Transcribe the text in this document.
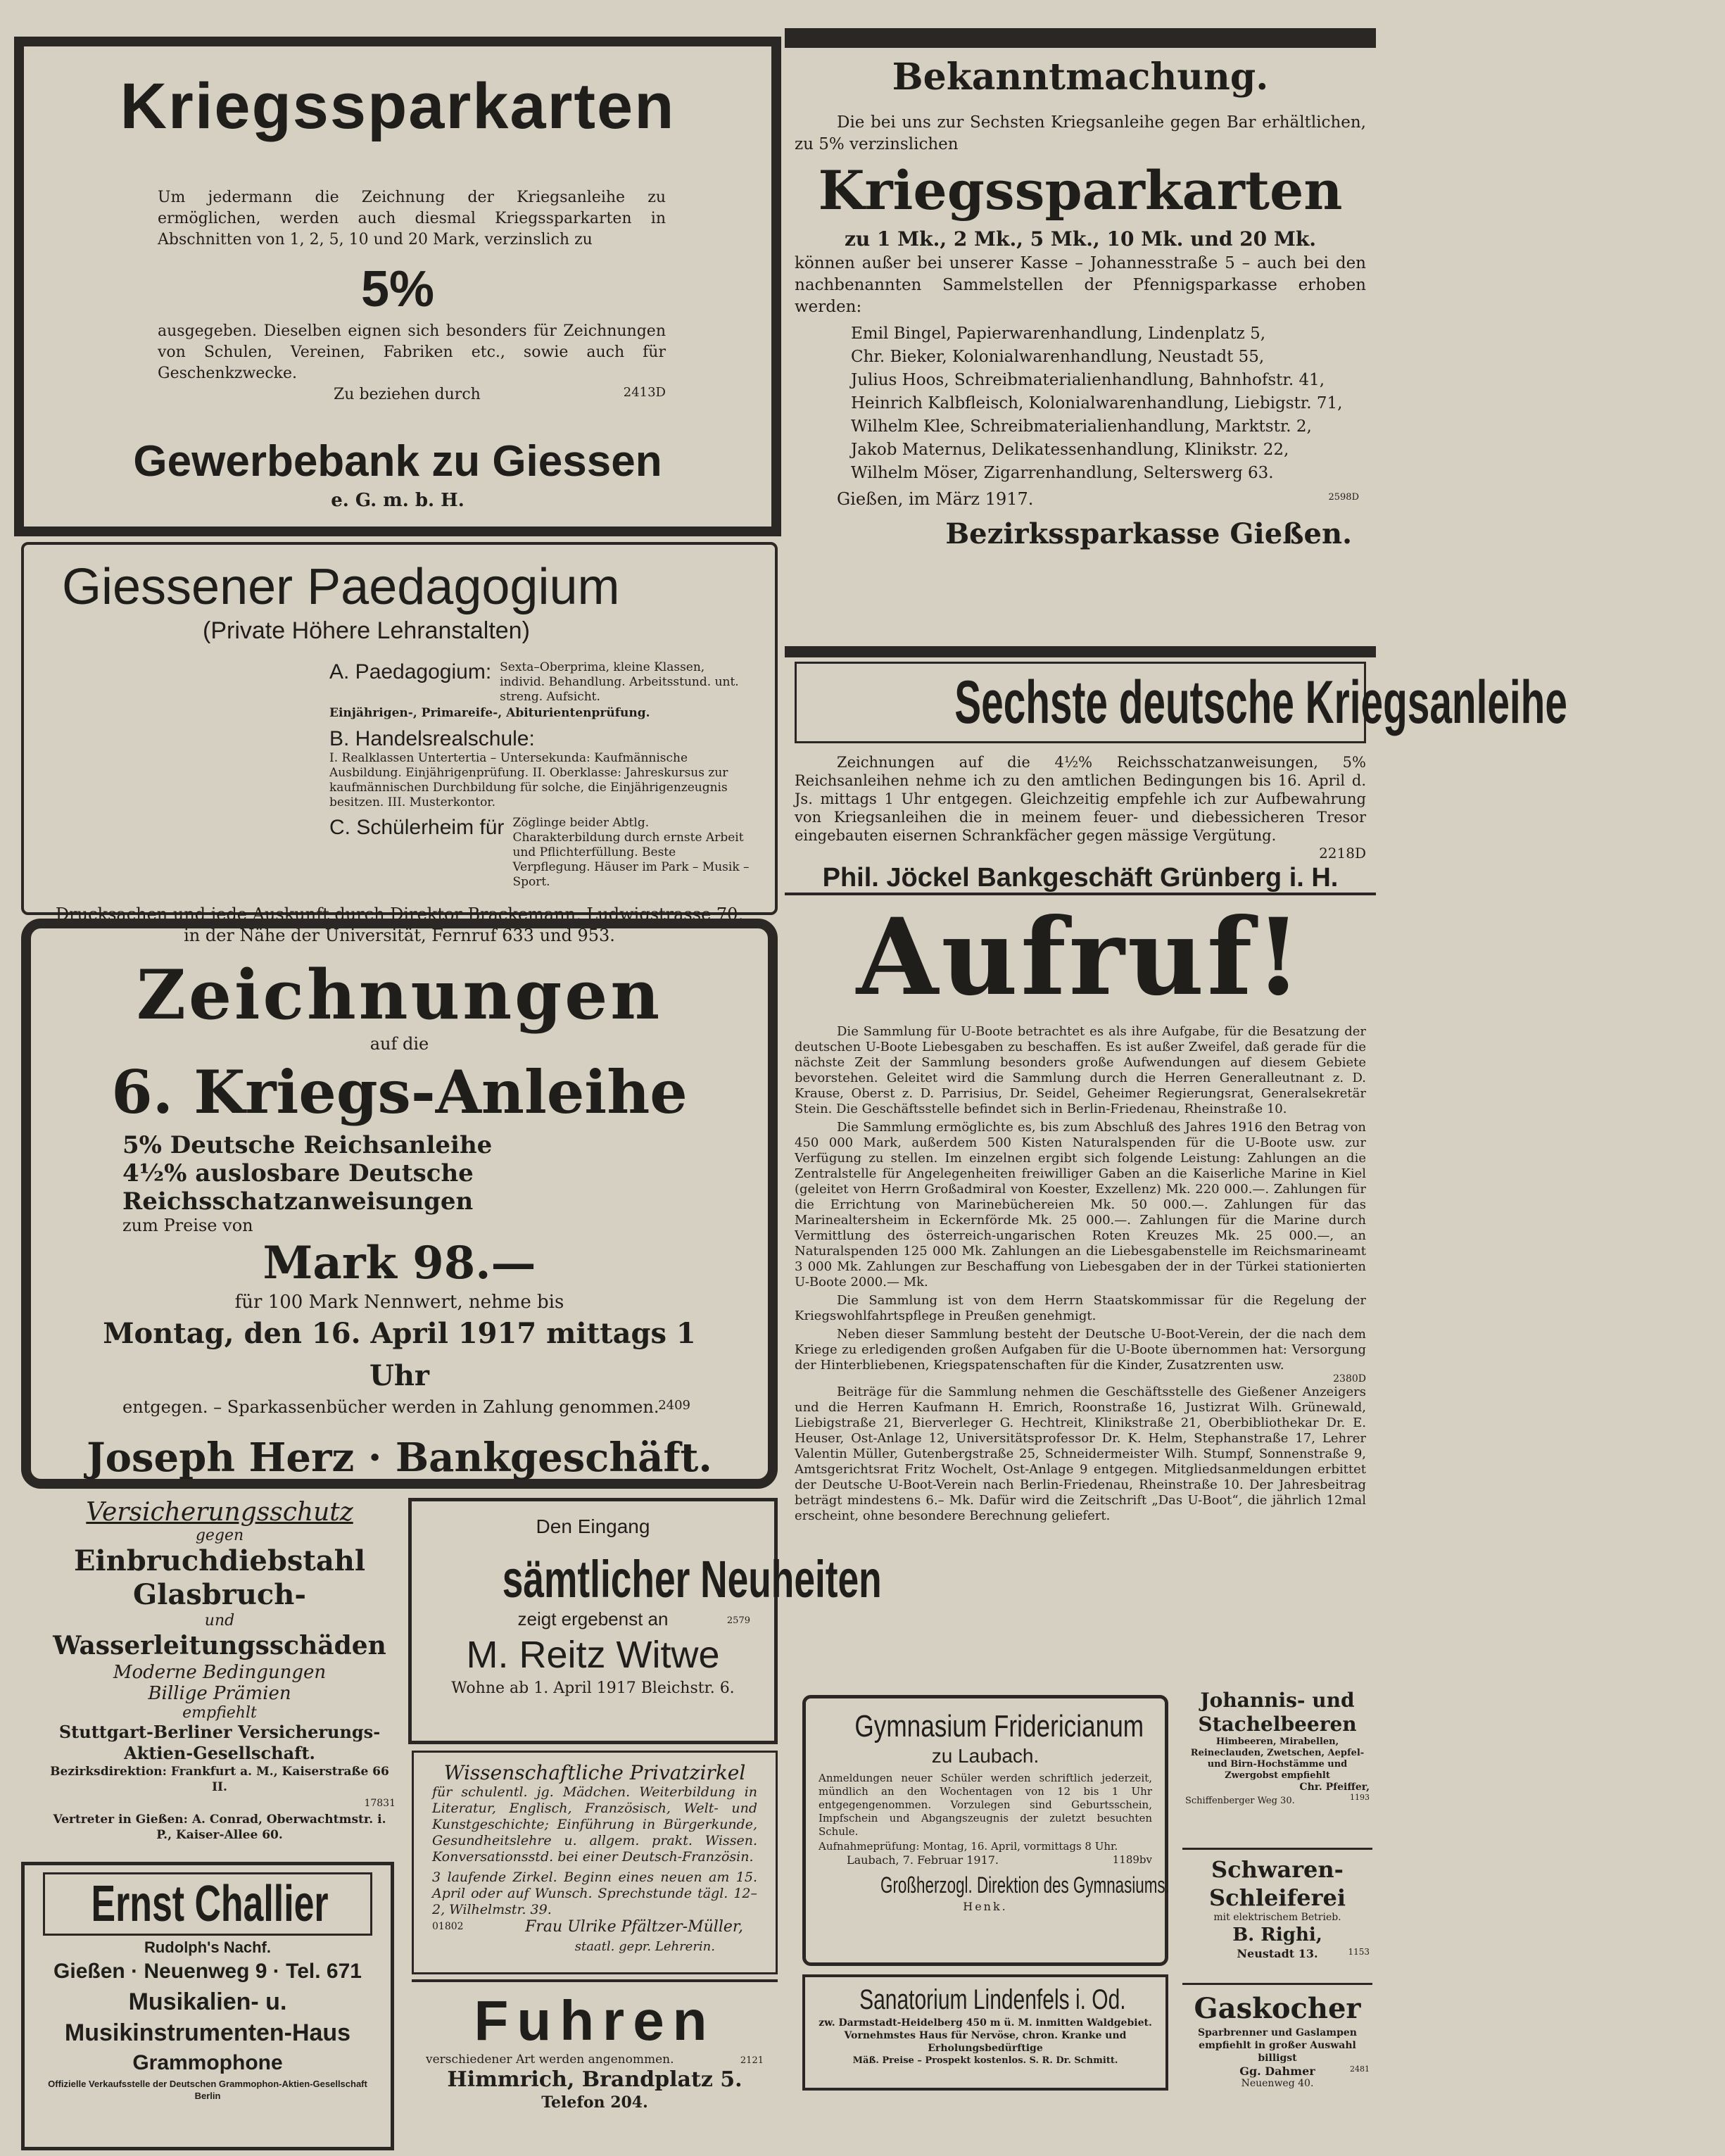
Kriegssparkarten

Um jedermann die Zeichnung der Kriegsanleihe zu ermöglichen, werden auch diesmal Kriegssparkarten in Abschnitten von 1, 2, 5, 10 und 20 Mark, verzinslich zu

5%

ausgegeben. Dieselben eignen sich besonders für Zeichnungen von Schulen, Vereinen, Fabriken etc., sowie auch für Geschenkzwecke.

Zu beziehen durch	2413D
Gewerbebank zu Giessen
e. G. m. b. H.
Giessener Paedagogium
(Private Höhere Lehranstalten)
A. Paedagogium: Sexta–Oberprima, kleine Klassen, individ. Behandlung. Arbeitsstund. unt. streng. Aufsicht.
Einjährigen-, Primareife-, Abiturientenprüfung.
B. Handelsrealschule:
I. Realklassen Untertertia – Untersekunda: Kaufmännische Ausbildung. Einjährigenprüfung. II. Oberklasse: Jahreskursus zur kaufmännischen Durchbildung für solche, die Einjährigenzeugnis besitzen. III. Musterkontor.
C. Schülerheim für Zöglinge beider Abtlg. Charakterbildung durch ernste Arbeit und Pflichterfüllung. Beste Verpflegung. Häuser im Park – Musik – Sport.

Drucksachen und jede Auskunft durch Direktor Brackemann, Ludwigstrasse 70, in der Nähe der Universität, Fernruf 633 und 953.

Zeichnungen
auf die
6. Kriegs-Anleihe

5% Deutsche Reichsanleihe

4½% auslosbare Deutsche Reichsschatzanweisungen

zum Preise von

Mark 98.—
für 100 Mark Nennwert, nehme bis
Montag, den 16. April 1917 mittags 1 Uhr
entgegen. – Sparkassenbücher werden in Zahlung genommen.
2409
Joseph Herz · Bankgeschäft.
Versicherungsschutz
gegen
Einbruchdiebstahl
Glasbruch-
und
Wasserleitungsschäden
Moderne Bedingungen
Billige Prämien
empfiehlt
Stuttgart-Berliner Versicherungs-Aktien-Gesellschaft.
Bezirksdirektion: Frankfurt a. M., Kaiserstraße 66 II.
17831
Vertreter in Gießen: A. Conrad, Oberwachtmstr. i. P., Kaiser-Allee 60.
Den Eingang
sämtlicher Neuheiten
zeigt ergebenst an	2579
M. Reitz Witwe
Wohne ab 1. April 1917 Bleichstr. 6.
Wissenschaftliche Privatzirkel

für schulentl. jg. Mädchen. Weiterbildung in Literatur, Englisch, Französisch, Welt- und Kunstgeschichte; Einführung in Bürgerkunde, Gesundheitslehre u. allgem. prakt. Wissen. Konversationsstd. bei einer Deutsch-Französin.

3 laufende Zirkel. Beginn eines neuen am 15. April oder auf Wunsch. Sprechstunde tägl. 12–2, Wilhelmstr. 39.

01802	Frau Ulrike Pfältzer-Müller,
staatl. gepr. Lehrerin.
Ernst Challier
Rudolph's Nachf.
Gießen · Neuenweg 9 · Tel. 671
Musikalien- u.
Musikinstrumenten-Haus
Grammophone
Offizielle Verkaufsstelle der Deutschen Grammophon-Aktien-Gesellschaft Berlin
Fuhren
verschiedener Art werden angenommen.	2121
Himmrich, Brandplatz 5.
Telefon 204.
Bekanntmachung.

Die bei uns zur Sechsten Kriegsanleihe gegen Bar erhältlichen, zu 5% verzinslichen

Kriegssparkarten
zu 1 Mk., 2 Mk., 5 Mk., 10 Mk. und 20 Mk.

können außer bei unserer Kasse – Johannesstraße 5 – auch bei den nachbenannten Sammelstellen der Pfennigsparkasse erhoben werden:

Emil Bingel, Papierwarenhandlung, Lindenplatz 5,

Chr. Bieker, Kolonialwarenhandlung, Neustadt 55,

Julius Hoos, Schreibmaterialienhandlung, Bahnhofstr. 41,

Heinrich Kalbfleisch, Kolonialwarenhandlung, Liebigstr. 71,

Wilhelm Klee, Schreibmaterialienhandlung, Marktstr. 2,

Jakob Maternus, Delikatessenhandlung, Klinikstr. 22,

Wilhelm Möser, Zigarrenhandlung, Selterswerg 63.

Gießen, im März 1917.	2598D
Bezirkssparkasse Gießen.
Sechste deutsche Kriegsanleihe

Zeichnungen auf die 4½% Reichsschatzanweisungen, 5% Reichsanleihen nehme ich zu den amtlichen Bedingungen bis 16. April d. Js. mittags 1 Uhr entgegen. Gleichzeitig empfehle ich zur Aufbewahrung von Kriegsanleihen die in meinem feuer- und diebessicheren Tresor eingebauten eisernen Schrankfächer gegen mässige Vergütung.

2218D
Phil. Jöckel Bankgeschäft Grünberg i. H.
Aufruf!

Die Sammlung für U-Boote betrachtet es als ihre Aufgabe, für die Besatzung der deutschen U-Boote Liebesgaben zu beschaffen. Es ist außer Zweifel, daß gerade für die nächste Zeit der Sammlung besonders große Aufwendungen auf diesem Gebiete bevorstehen. Geleitet wird die Sammlung durch die Herren Generalleutnant z. D. Krause, Oberst z. D. Parrisius, Dr. Seidel, Geheimer Regierungsrat, Generalsekretär Stein. Die Geschäftsstelle befindet sich in Berlin-Friedenau, Rheinstraße 10.

Die Sammlung ermöglichte es, bis zum Abschluß des Jahres 1916 den Betrag von 450 000 Mark, außerdem 500 Kisten Naturalspenden für die U-Boote usw. zur Verfügung zu stellen. Im einzelnen ergibt sich folgende Leistung: Zahlungen an die Zentralstelle für Angelegenheiten freiwilliger Gaben an die Kaiserliche Marine in Kiel (geleitet von Herrn Großadmiral von Koester, Exzellenz) Mk. 220 000.—. Zahlungen für die Errichtung von Marinebüchereien Mk. 50 000.—. Zahlungen für das Marinealtersheim in Eckernförde Mk. 25 000.—. Zahlungen für die Marine durch Vermittlung des österreich-ungarischen Roten Kreuzes Mk. 25 000.—, an Naturalspenden 125 000 Mk. Zahlungen an die Liebesgabenstelle im Reichsmarineamt 3 000 Mk. Zahlungen zur Beschaffung von Liebesgaben der in der Türkei stationierten U-Boote 2000.— Mk.

Die Sammlung ist von dem Herrn Staatskommissar für die Regelung der Kriegswohlfahrtspflege in Preußen genehmigt.

Neben dieser Sammlung besteht der Deutsche U-Boot-Verein, der die nach dem Kriege zu erledigenden großen Aufgaben für die U-Boote übernommen hat: Versorgung der Hinterbliebenen, Kriegspatenschaften für die Kinder, Zusatzrenten usw.

2380D

Beiträge für die Sammlung nehmen die Geschäftsstelle des Gießener Anzeigers und die Herren Kaufmann H. Emrich, Roonstraße 16, Justizrat Wilh. Grünewald, Liebigstraße 21, Bierverleger G. Hechtreit, Klinikstraße 21, Oberbibliothekar Dr. E. Heuser, Ost-Anlage 12, Universitätsprofessor Dr. K. Helm, Stephanstraße 17, Lehrer Valentin Müller, Gutenbergstraße 25, Schneidermeister Wilh. Stumpf, Sonnenstraße 9, Amtsgerichtsrat Fritz Wochelt, Ost-Anlage 9 entgegen. Mitgliedsanmeldungen erbittet der Deutsche U-Boot-Verein nach Berlin-Friedenau, Rheinstraße 10. Der Jahresbeitrag beträgt mindestens 6.– Mk. Dafür wird die Zeitschrift „Das U-Boot“, die jährlich 12mal erscheint, ohne besondere Berechnung geliefert.

Gymnasium Fridericianum
zu Laubach.

Anmeldungen neuer Schüler werden schriftlich jederzeit, mündlich an den Wochentagen von 12 bis 1 Uhr entgegengenommen. Vorzulegen sind Geburtsschein, Impfschein und Abgangszeugnis der zuletzt besuchten Schule.

Aufnahmeprüfung: Montag, 16. April, vormittags 8 Uhr.

Laubach, 7. Februar 1917.	1189bv
Großherzogl. Direktion des Gymnasiums.
Henk.
Sanatorium Lindenfels i. Od.

zw. Darmstadt-Heidelberg 450 m ü. M. inmitten Waldgebiet. Vornehmstes Haus für Nervöse, chron. Kranke und Erholungsbedürftige

Mäß. Preise – Prospekt kostenlos. S. R. Dr. Schmitt.

Johannis- und Stachelbeeren

Himbeeren, Mirabellen, Reineclauden, Zwetschen, Aepfel- und Birn-Hochstämme und Zwergobst empfiehlt

Chr. Pfeiffer,
Schiffenberger Weg 30.	1193
Schwaren-Schleiferei
mit elektrischem Betrieb.
B. Righi,
Neustadt 13.	1153
Gaskocher

Sparbrenner und Gaslampen empfiehlt in großer Auswahl billigst

Gg. Dahmer	2481
Neuenweg 40.
